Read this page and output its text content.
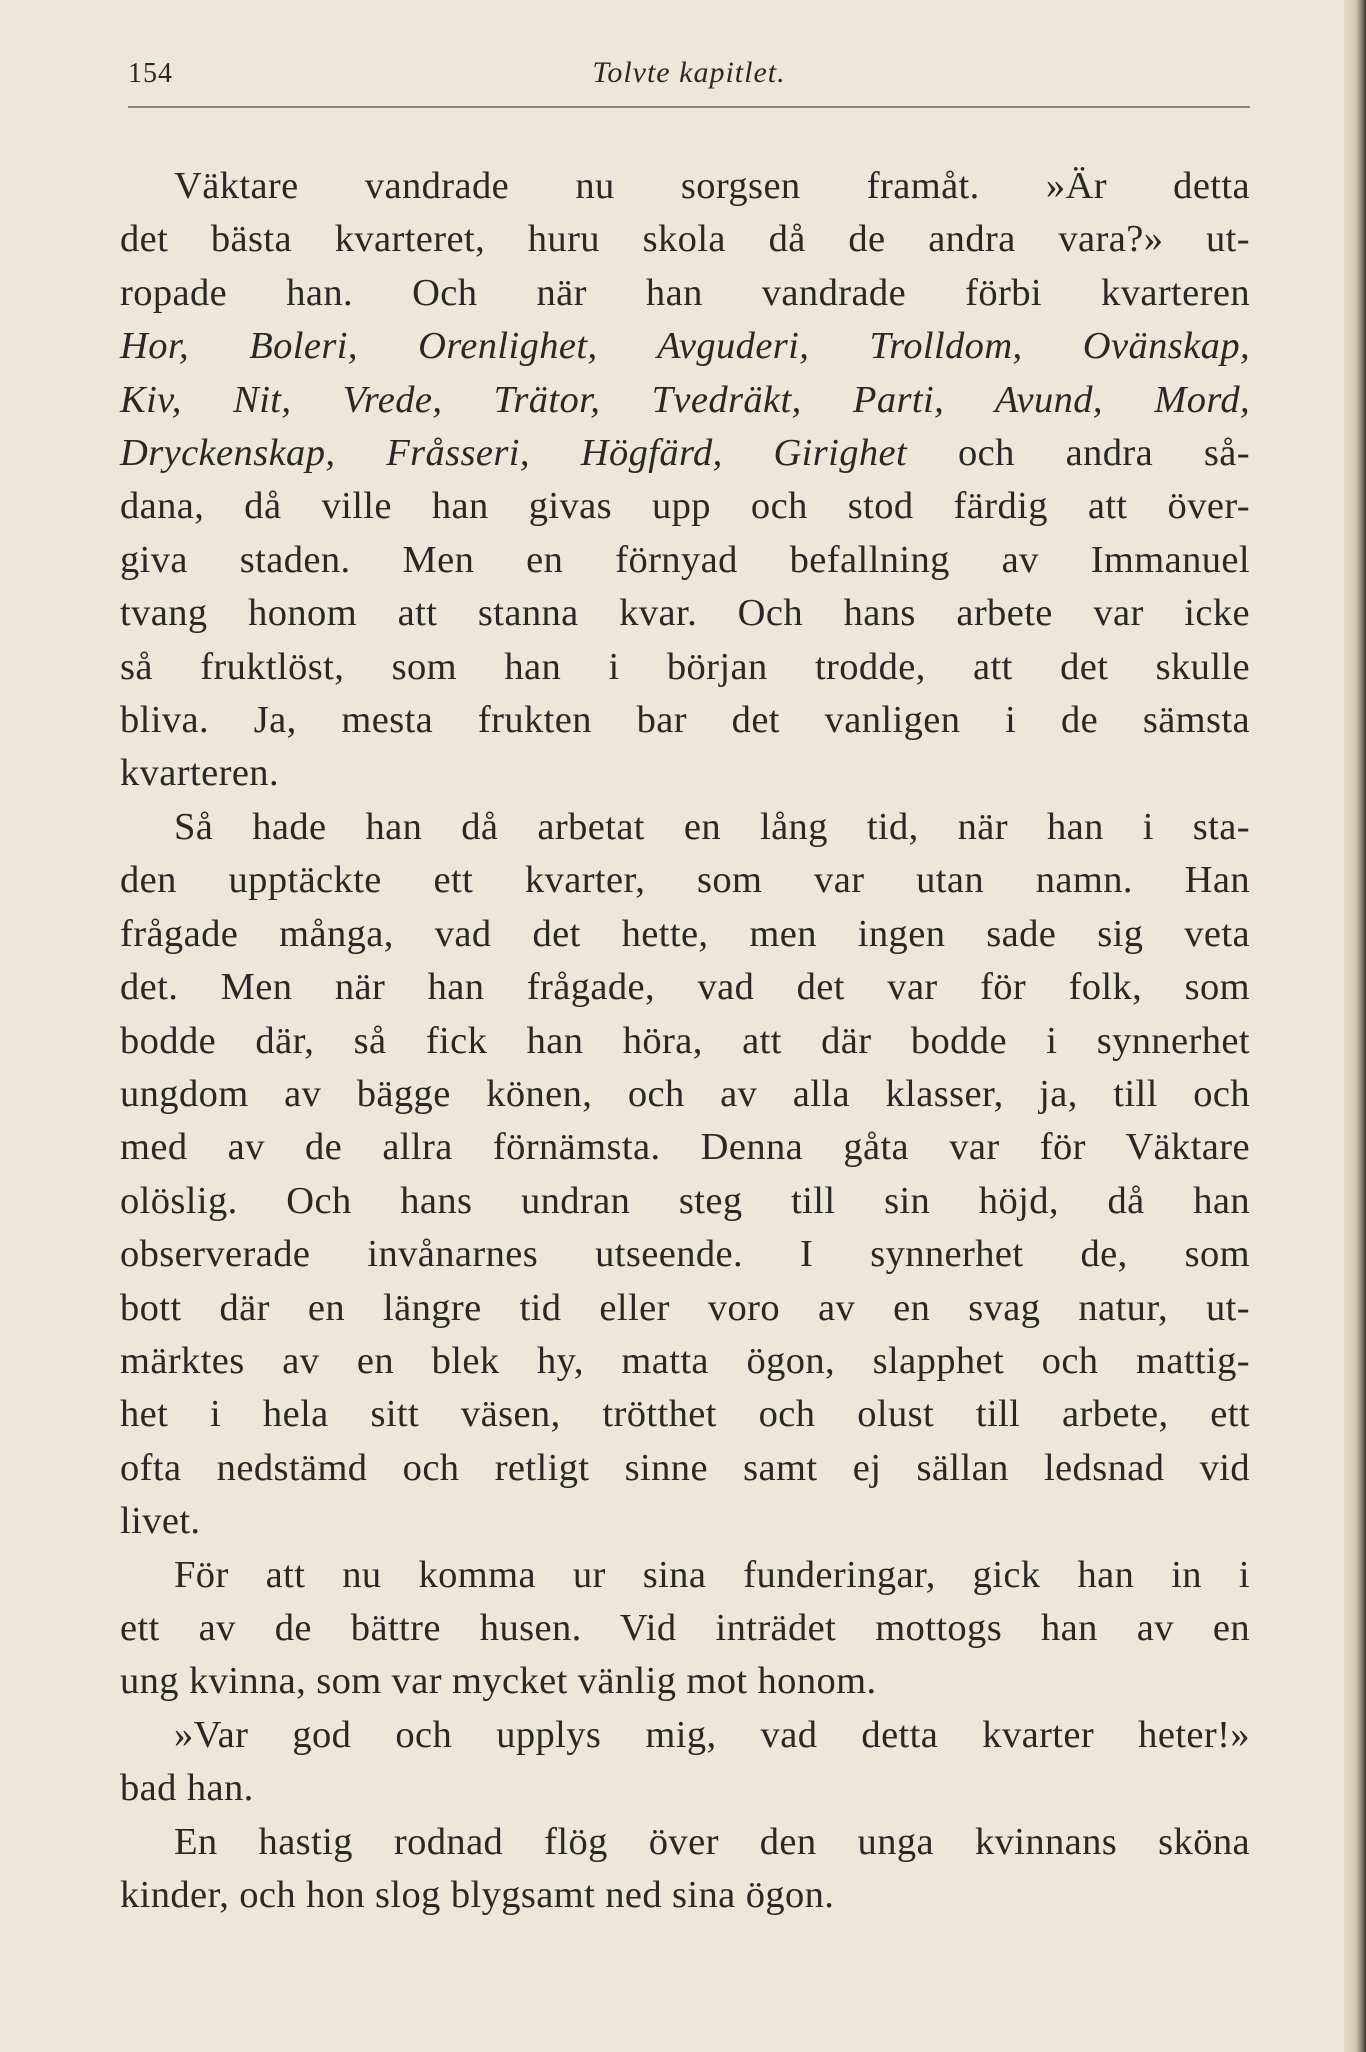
154	Tolvte kapitlet.

Väktare vandrade nu sorgsen framåt. »Är detta
det bästa kvarteret, huru skola då de andra vara?» ut-
ropade han. Och när han vandrade förbi kvarteren
Hor, Boleri, Orenlighet, Avguderi, Trolldom, Ovänskap,
Kiv, Nit, Vrede, Trätor, Tvedräkt, Parti, Avund, Mord,
Dryckenskap, Fråsseri, Högfärd, Girighet och andra så-
dana, då ville han givas upp och stod färdig att över-
giva staden. Men en förnyad befallning av Immanuel
tvang honom att stanna kvar. Och hans arbete var icke
så fruktlöst, som han i början trodde, att det skulle
bliva. Ja, mesta frukten bar det vanligen i de sämsta
kvarteren.

Så hade han då arbetat en lång tid, när han i sta-
den upptäckte ett kvarter, som var utan namn. Han
frågade många, vad det hette, men ingen sade sig veta
det. Men när han frågade, vad det var för folk, som
bodde där, så fick han höra, att där bodde i synnerhet
ungdom av bägge könen, och av alla klasser, ja, till och
med av de allra förnämsta. Denna gåta var för Väktare
olöslig. Och hans undran steg till sin höjd, då han
observerade invånarnes utseende. I synnerhet de, som
bott där en längre tid eller voro av en svag natur, ut-
märktes av en blek hy, matta ögon, slapphet och mattig-
het i hela sitt väsen, trötthet och olust till arbete, ett
ofta nedstämd och retligt sinne samt ej sällan ledsnad vid
livet.

För att nu komma ur sina funderingar, gick han in i
ett av de bättre husen. Vid inträdet mottogs han av en
ung kvinna, som var mycket vänlig mot honom.

»Var god och upplys mig, vad detta kvarter heter!»
bad han.

En hastig rodnad flög över den unga kvinnans sköna
kinder, och hon slog blygsamt ned sina ögon.
